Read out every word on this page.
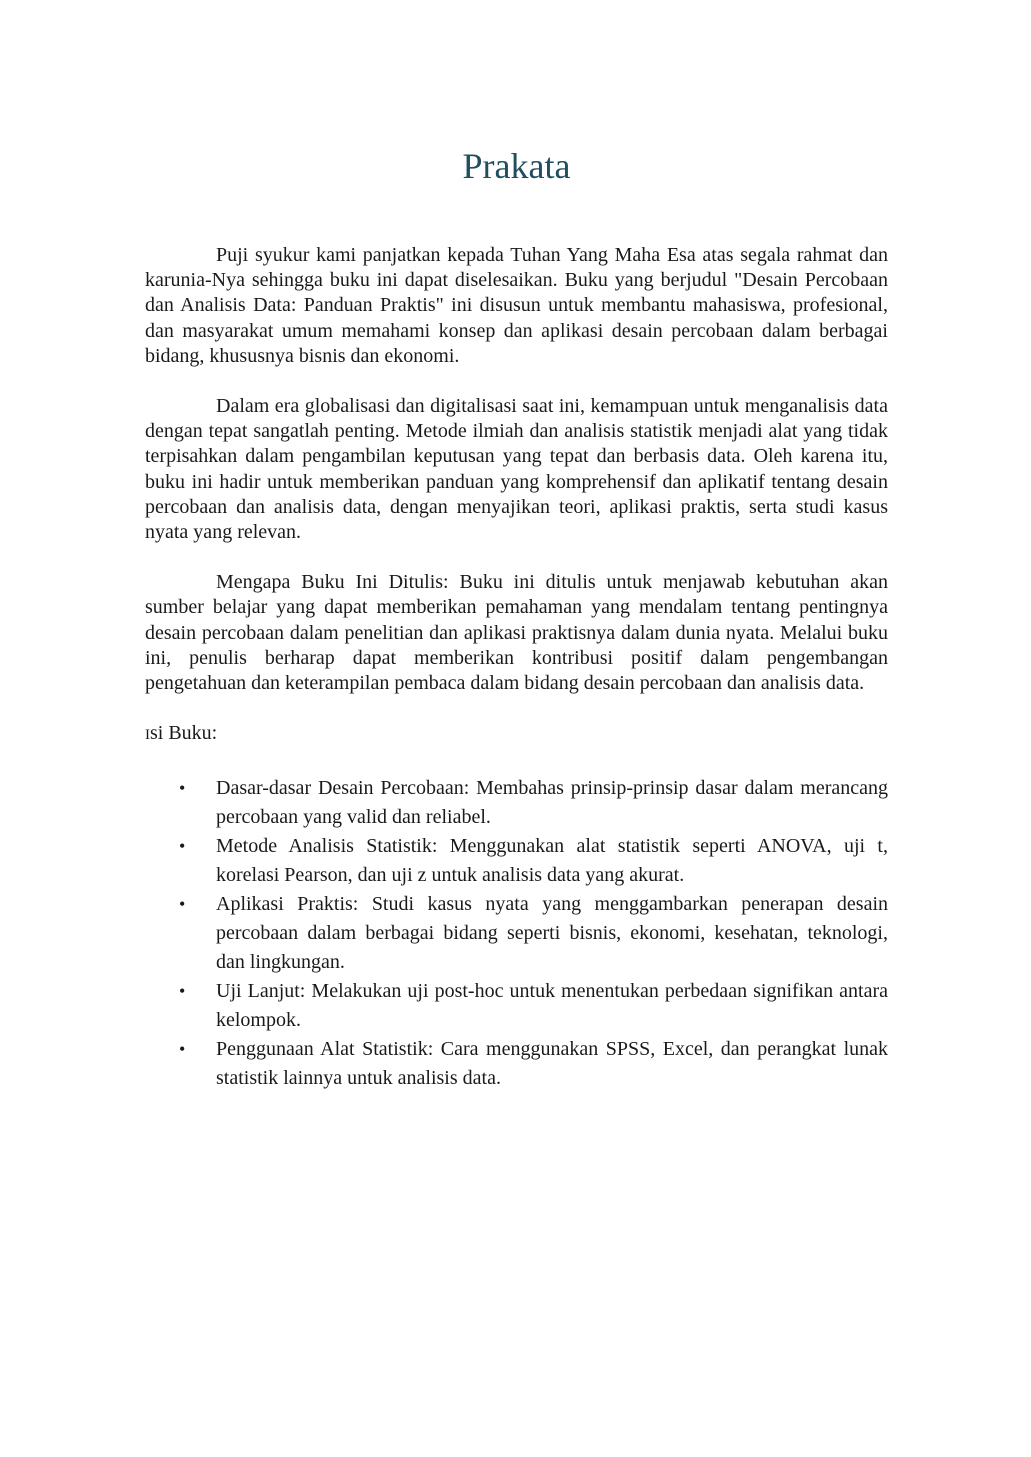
Prakata

Puji syukur kami panjatkan kepada Tuhan Yang Maha Esa atas segala rahmat dan karunia-Nya sehingga buku ini dapat diselesaikan. Buku yang berjudul "Desain Percobaan dan Analisis Data: Panduan Praktis" ini disusun untuk membantu mahasiswa, profesional, dan masyarakat umum memahami konsep dan aplikasi desain percobaan dalam berbagai bidang, khususnya bisnis dan ekonomi.

Dalam era globalisasi dan digitalisasi saat ini, kemampuan untuk menganalisis data dengan tepat sangatlah penting. Metode ilmiah dan analisis statistik menjadi alat yang tidak terpisahkan dalam pengambilan keputusan yang tepat dan berbasis data. Oleh karena itu, buku ini hadir untuk memberikan panduan yang komprehensif dan aplikatif tentang desain percobaan dan analisis data, dengan menyajikan teori, aplikasi praktis, serta studi kasus nyata yang relevan.

Mengapa Buku Ini Ditulis: Buku ini ditulis untuk menjawab kebutuhan akan sumber belajar yang dapat memberikan pemahaman yang mendalam tentang pentingnya desain percobaan dalam penelitian dan aplikasi praktisnya dalam dunia nyata. Melalui buku ini, penulis berharap dapat memberikan kontribusi positif dalam pengembangan pengetahuan dan keterampilan pembaca dalam bidang desain percobaan dan analisis data.

Isi Buku:

• Dasar-dasar Desain Percobaan: Membahas prinsip-prinsip dasar dalam merancang percobaan yang valid dan reliabel.
• Metode Analisis Statistik: Menggunakan alat statistik seperti ANOVA, uji t, korelasi Pearson, dan uji z untuk analisis data yang akurat.
• Aplikasi Praktis: Studi kasus nyata yang menggambarkan penerapan desain percobaan dalam berbagai bidang seperti bisnis, ekonomi, kesehatan, teknologi, dan lingkungan.
• Uji Lanjut: Melakukan uji post-hoc untuk menentukan perbedaan signifikan antara kelompok.
• Penggunaan Alat Statistik: Cara menggunakan SPSS, Excel, dan perangkat lunak statistik lainnya untuk analisis data.
